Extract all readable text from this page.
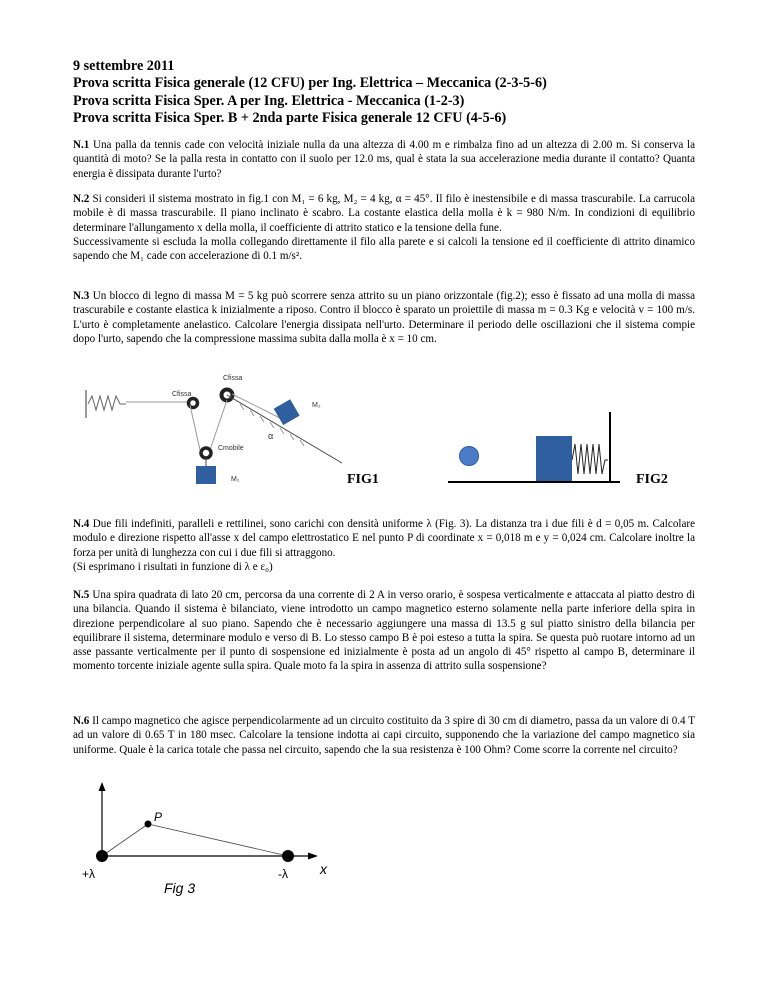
9 settembre 2011
Prova scritta Fisica generale (12 CFU) per Ing. Elettrica – Meccanica (2-3-5-6)
Prova scritta Fisica Sper. A per Ing. Elettrica - Meccanica (1-2-3)
Prova scritta Fisica Sper. B + 2nda parte Fisica generale 12 CFU (4-5-6)

N.1 Una palla da tennis cade con velocità iniziale nulla da una altezza di 4.00 m e rimbalza fino ad un altezza di 2.00 m. Si conserva la quantità di moto? Se la palla resta in contatto con il suolo per 12.0 ms, qual è stata la sua accelerazione media durante il contatto? Quanta energia è dissipata durante l'urto?

N.2 Si consideri il sistema mostrato in fig.1 con M₁ = 6 kg, M₂ = 4 kg, α = 45°. Il filo è inestensibile e di massa trascurabile. La carrucola mobile è di massa trascurabile. Il piano inclinato è scabro. La costante elastica della molla è k = 980 N/m. In condizioni di equilibrio determinare l'allungamento x della molla, il coefficiente di attrito statico e la tensione della fune.

Successivamente si escluda la molla collegando direttamente il filo alla parete e si calcoli la tensione ed il coefficiente di attrito dinamico sapendo che M₁ cade con accelerazione di 0.1 m/s².

N.3 Un blocco di legno di massa M = 5 kg può scorrere senza attrito su un piano orizzontale (fig.2); esso è fissato ad una molla di massa trascurabile e costante elastica k inizialmente a riposo. Contro il blocco è sparato un proiettile di massa m = 0.3 Kg e velocità v = 100 m/s. L'urto è completamente anelastico. Calcolare l'energia dissipata nell'urto. Determinare il periodo delle oscillazioni che il sistema compie dopo l'urto, sapendo che la compressione massima subita dalla molla è x = 10 cm.

Cfissa
Cfissa
Cmobile
M₁
M₂
α
FIG1	FIG2

N.4 Due fili indefiniti, paralleli e rettilinei, sono carichi con densità uniforme λ (Fig. 3). La distanza tra i due fili è d = 0,05 m. Calcolare modulo e direzione rispetto all'asse x del campo elettrostatico E nel punto P di coordinate x = 0,018 m e y = 0,024 cm. Calcolare inoltre la forza per unità di lunghezza con cui i due fili si attraggono.

(Si esprimano i risultati in funzione di λ e ε₀)

N.5 Una spira quadrata di lato 20 cm, percorsa da una corrente di 2 A in verso orario, è sospesa verticalmente e attaccata al piatto destro di una bilancia. Quando il sistema è bilanciato, viene introdotto un campo magnetico esterno solamente nella parte inferiore della spira in direzione perpendicolare al suo piano. Sapendo che è necessario aggiungere una massa di 13.5 g sul piatto sinistro della bilancia per equilibrare il sistema, determinare modulo e verso di B. Lo stesso campo B è poi esteso a tutta la spira. Se questa può ruotare intorno ad un asse passante verticalmente per il punto di sospensione ed inizialmente è posta ad un angolo di 45° rispetto al campo B, determinare il momento torcente iniziale agente sulla spira. Quale moto fa la spira in assenza di attrito sulla sospensione?

N.6 Il campo magnetico che agisce perpendicolarmente ad un circuito costituito da 3 spire di 30 cm di diametro, passa da un valore di 0.4 T ad un valore di 0.65 T in 180 msec. Calcolare la tensione indotta ai capi circuito, supponendo che la variazione del campo magnetico sia uniforme. Quale è la carica totale che passa nel circuito, sapendo che la sua resistenza è 100 Ohm? Come scorre la corrente nel circuito?

P
+λ	-λ x
Fig 3
